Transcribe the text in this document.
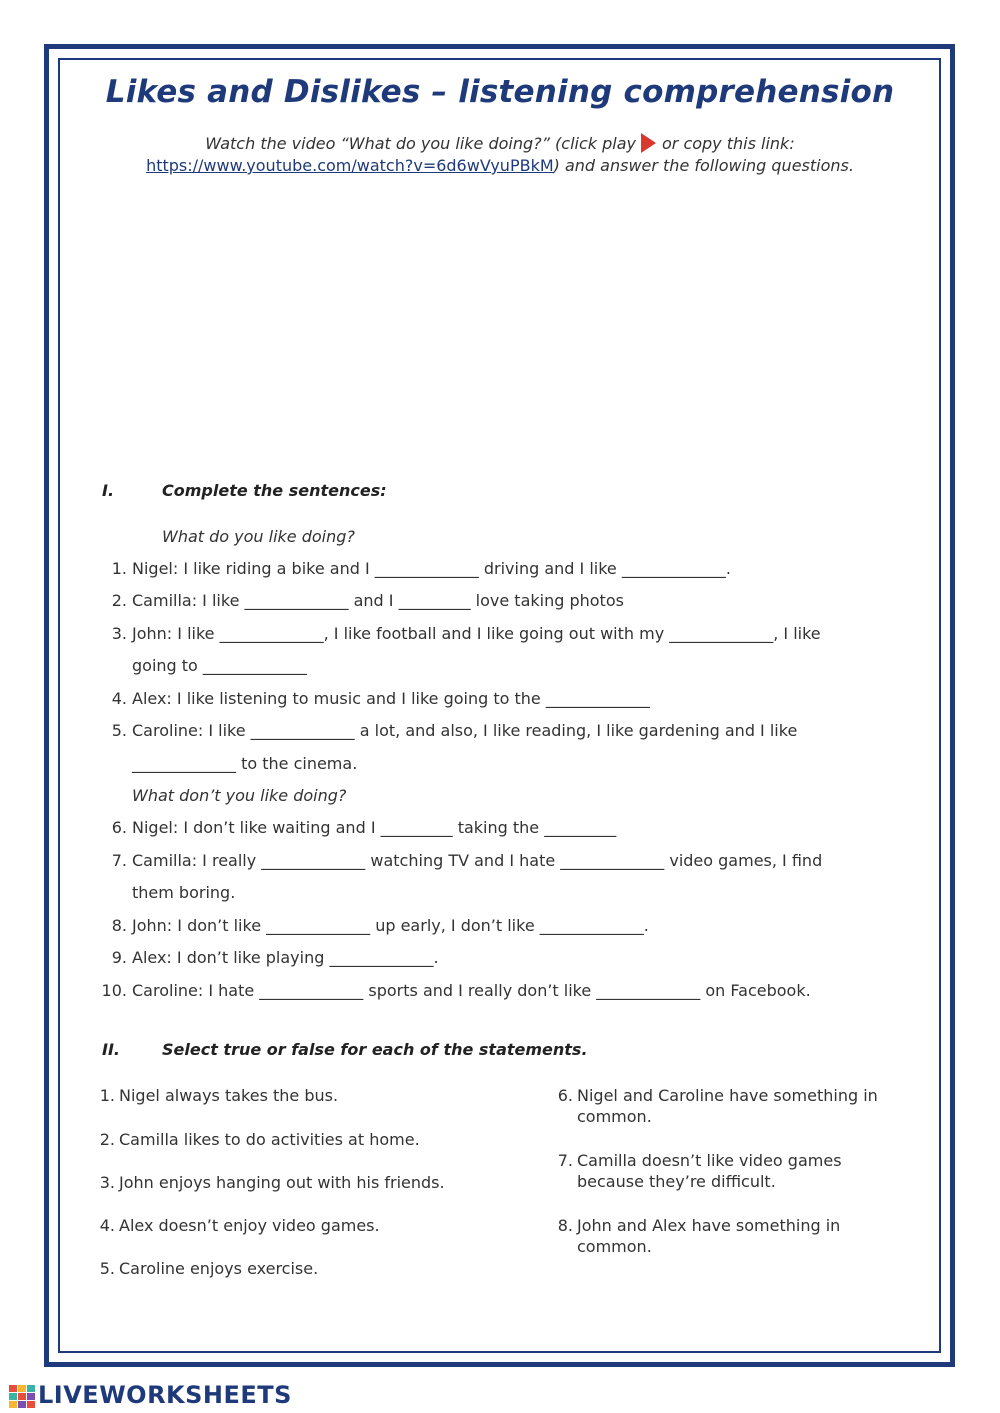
Likes and Dislikes – listening comprehension
Watch the video “What do you like doing?” (click play or copy this link:
https://www.youtube.com/watch?v=6d6wVyuPBkM) and answer the following questions.
I.	Complete the sentences:
What do you like doing?
1. Nigel: I like riding a bike and I _____________ driving and I like _____________.
2. Camilla: I like _____________ and I _________ love taking photos
3. John: I like _____________, I like football and I like going out with my _____________, I like
going to _____________
4. Alex: I like listening to music and I like going to the _____________
5. Caroline: I like _____________ a lot, and also, I like reading, I like gardening and I like
_____________ to the cinema.
6. Nigel: I don’t like waiting and I _________ taking the _________
7. Camilla: I really _____________ watching TV and I hate _____________ video games, I find
them boring.
8. John: I don’t like _____________ up early, I don’t like _____________.
9. Alex: I don’t like playing _____________.
10. Caroline: I hate _____________ sports and I really don’t like _____________ on Facebook.
What don’t you like doing?
II.	Select true or false for each of the statements.
1. Nigel always takes the bus.
2. Camilla likes to do activities at home.
3. John enjoys hanging out with his friends.
4. Alex doesn’t enjoy video games.
5. Caroline enjoys exercise.
6. Nigel and Caroline have something in
common.
7. Camilla doesn’t like video games
because they’re difficult.
8. John and Alex have something in
common.
LIVEWORKSHEETS
